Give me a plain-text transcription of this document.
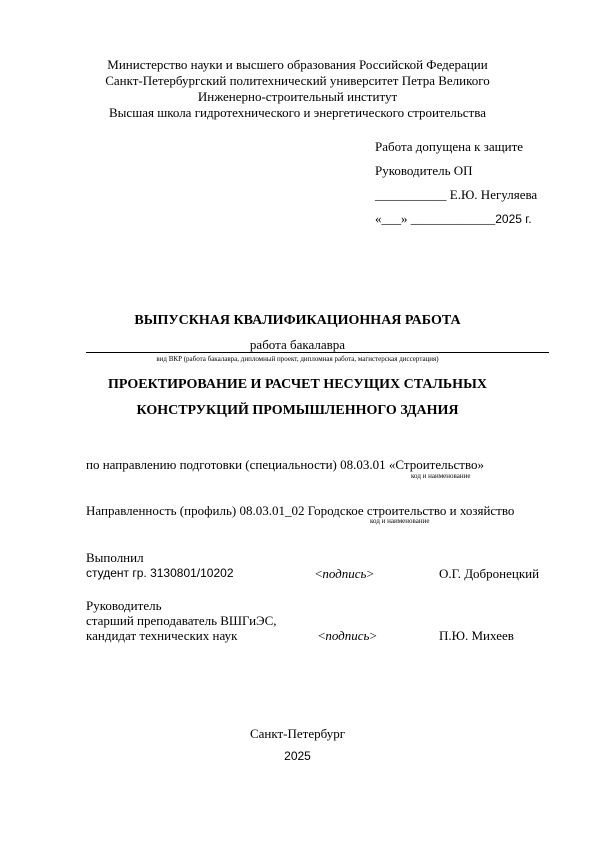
Министерство науки и высшего образования Российской Федерации
Санкт-Петербургский политехнический университет Петра Великого
Инженерно-строительный институт
Высшая школа гидротехнического и энергетического строительства
Работа допущена к защите
Руководитель ОП
___________ Е.Ю. Негуляева
«___» _____________2025 г.
ВЫПУСКНАЯ КВАЛИФИКАЦИОННАЯ РАБОТА
работа бакалавра
вид ВКР (работа бакалавра, дипломный проект, дипломная работа, магистерская диссертация)
ПРОЕКТИРОВАНИЕ И РАСЧЕТ НЕСУЩИХ СТАЛЬНЫХ
КОНСТРУКЦИЙ ПРОМЫШЛЕННОГО ЗДАНИЯ
по направлению подготовки (специальности) 08.03.01 «Строительство»
код и наименование
Направленность (профиль) 08.03.01_02 Городское строительство и хозяйство
код и наименование
Выполнил
студент гр. 3130801/10202	<подпись>	О.Г. Добронецкий
Руководитель
старший преподаватель ВШГиЭС,
кандидат технических наук	<подпись>	П.Ю. Михеев
Санкт-Петербург
2025
